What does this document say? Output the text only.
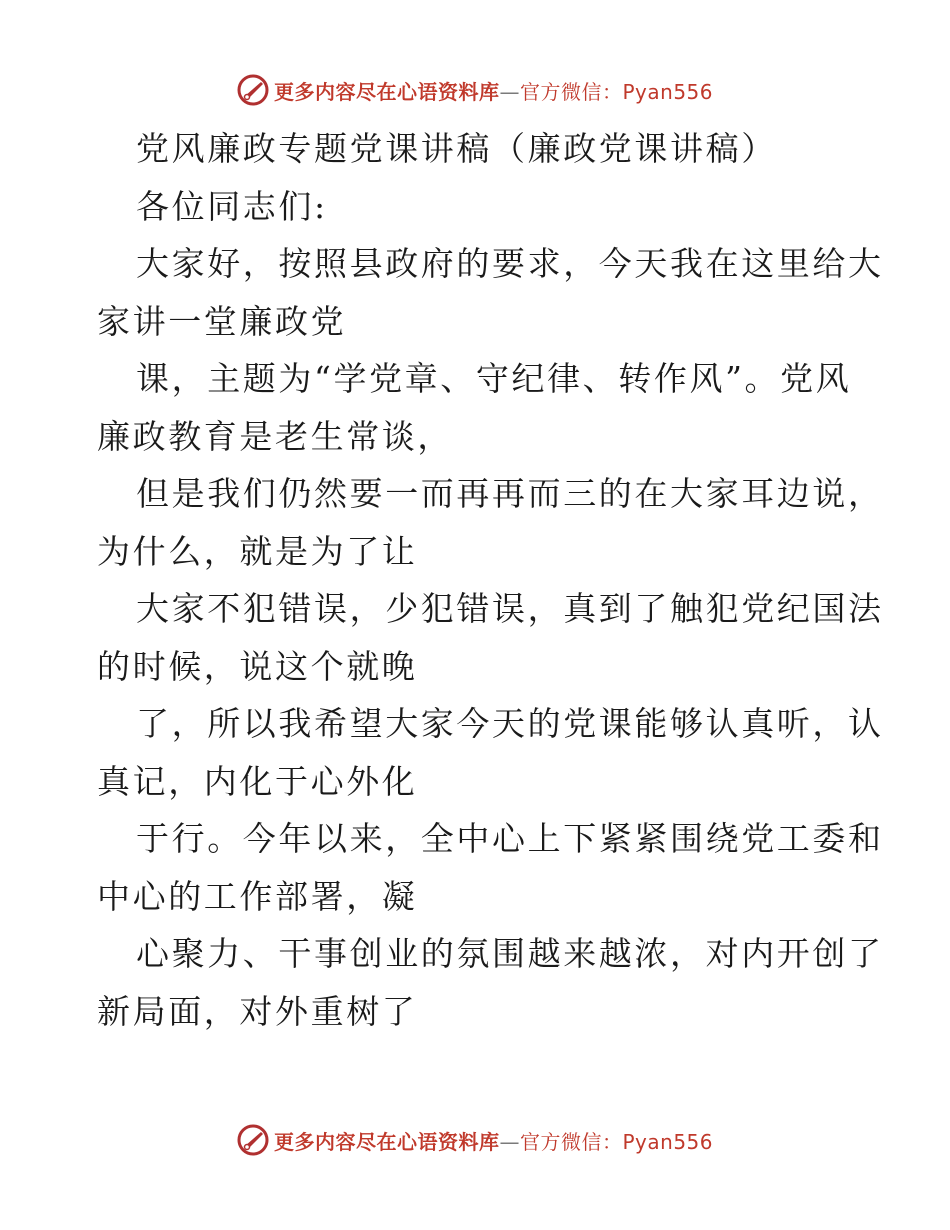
更多内容尽在心语资料库—官方微信：Pyan556
党风廉政专题党课讲稿（廉政党课讲稿）
各位同志们:
大家好，按照县政府的要求，今天我在这里给大
家讲一堂廉政党
课，主题为“学党章、守纪律、转作风”。党风
廉政教育是老生常谈，
但是我们仍然要一而再再而三的在大家耳边说，
为什么，就是为了让
大家不犯错误，少犯错误，真到了触犯党纪国法
的时候，说这个就晚
了，所以我希望大家今天的党课能够认真听，认
真记，内化于心外化
于行。今年以来，全中心上下紧紧围绕党工委和
中心的工作部署，凝
心聚力、干事创业的氛围越来越浓，对内开创了
新局面，对外重树了
更多内容尽在心语资料库—官方微信：Pyan556
